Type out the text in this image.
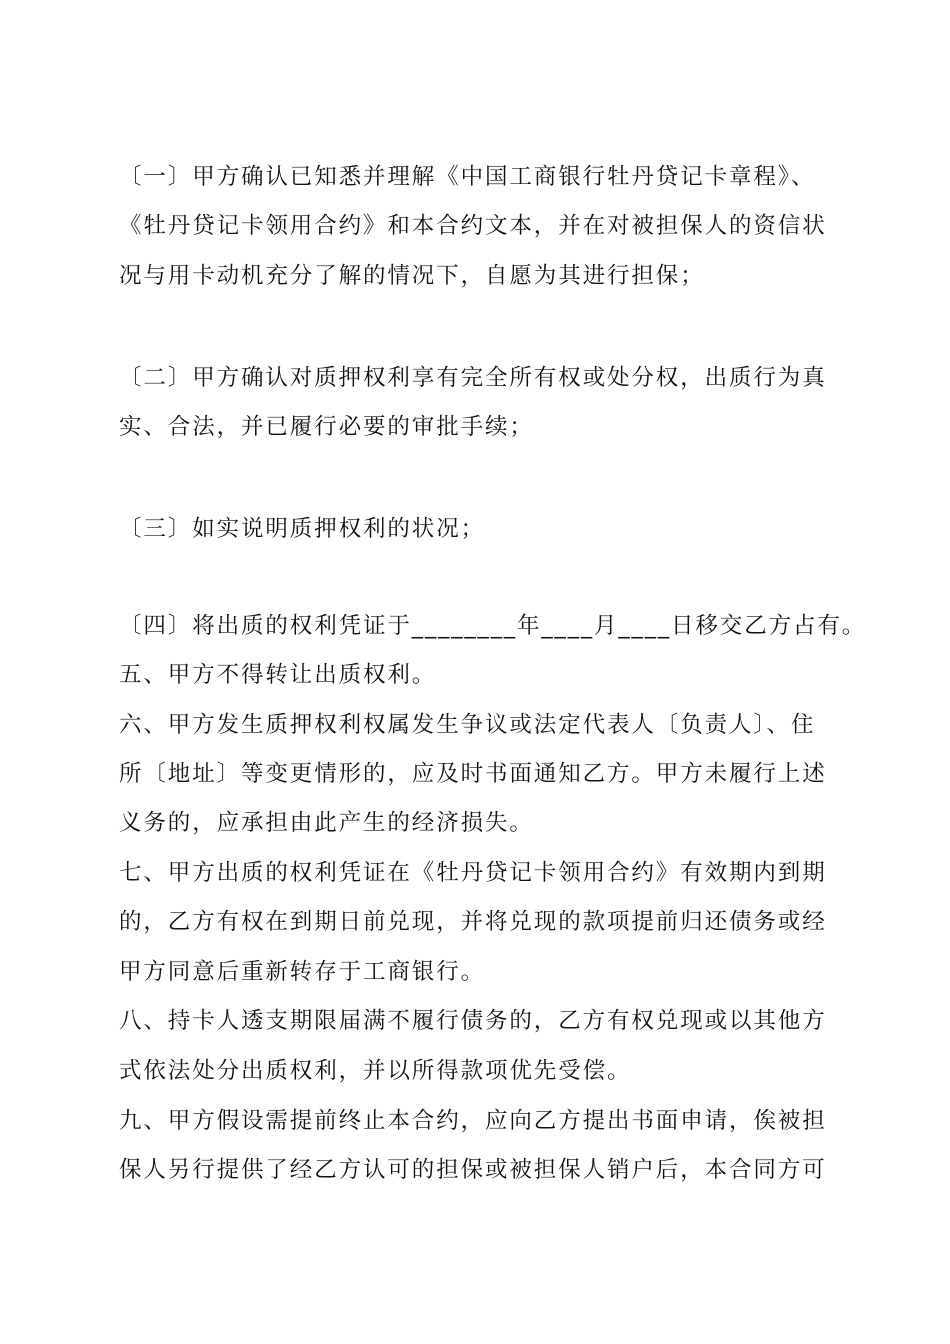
〔一〕甲方确认已知悉并理解《中国工商银行牡丹贷记卡章程》、
《牡丹贷记卡领用合约》和本合约文本，并在对被担保人的资信状
况与用卡动机充分了解的情况下，自愿为其进行担保；
〔二〕甲方确认对质押权利享有完全所有权或处分权，出质行为真
实、合法，并已履行必要的审批手续；
〔三〕如实说明质押权利的状况；
〔四〕将出质的权利凭证于________年____月____日移交乙方占有。
五、甲方不得转让出质权利。
六、甲方发生质押权利权属发生争议或法定代表人〔负责人〕、住
所〔地址〕等变更情形的，应及时书面通知乙方。甲方未履行上述
义务的，应承担由此产生的经济损失。
七、甲方出质的权利凭证在《牡丹贷记卡领用合约》有效期内到期
的，乙方有权在到期日前兑现，并将兑现的款项提前归还债务或经
甲方同意后重新转存于工商银行。
八、持卡人透支期限届满不履行债务的，乙方有权兑现或以其他方
式依法处分出质权利，并以所得款项优先受偿。
九、甲方假设需提前终止本合约，应向乙方提出书面申请，俟被担
保人另行提供了经乙方认可的担保或被担保人销户后，本合同方可
